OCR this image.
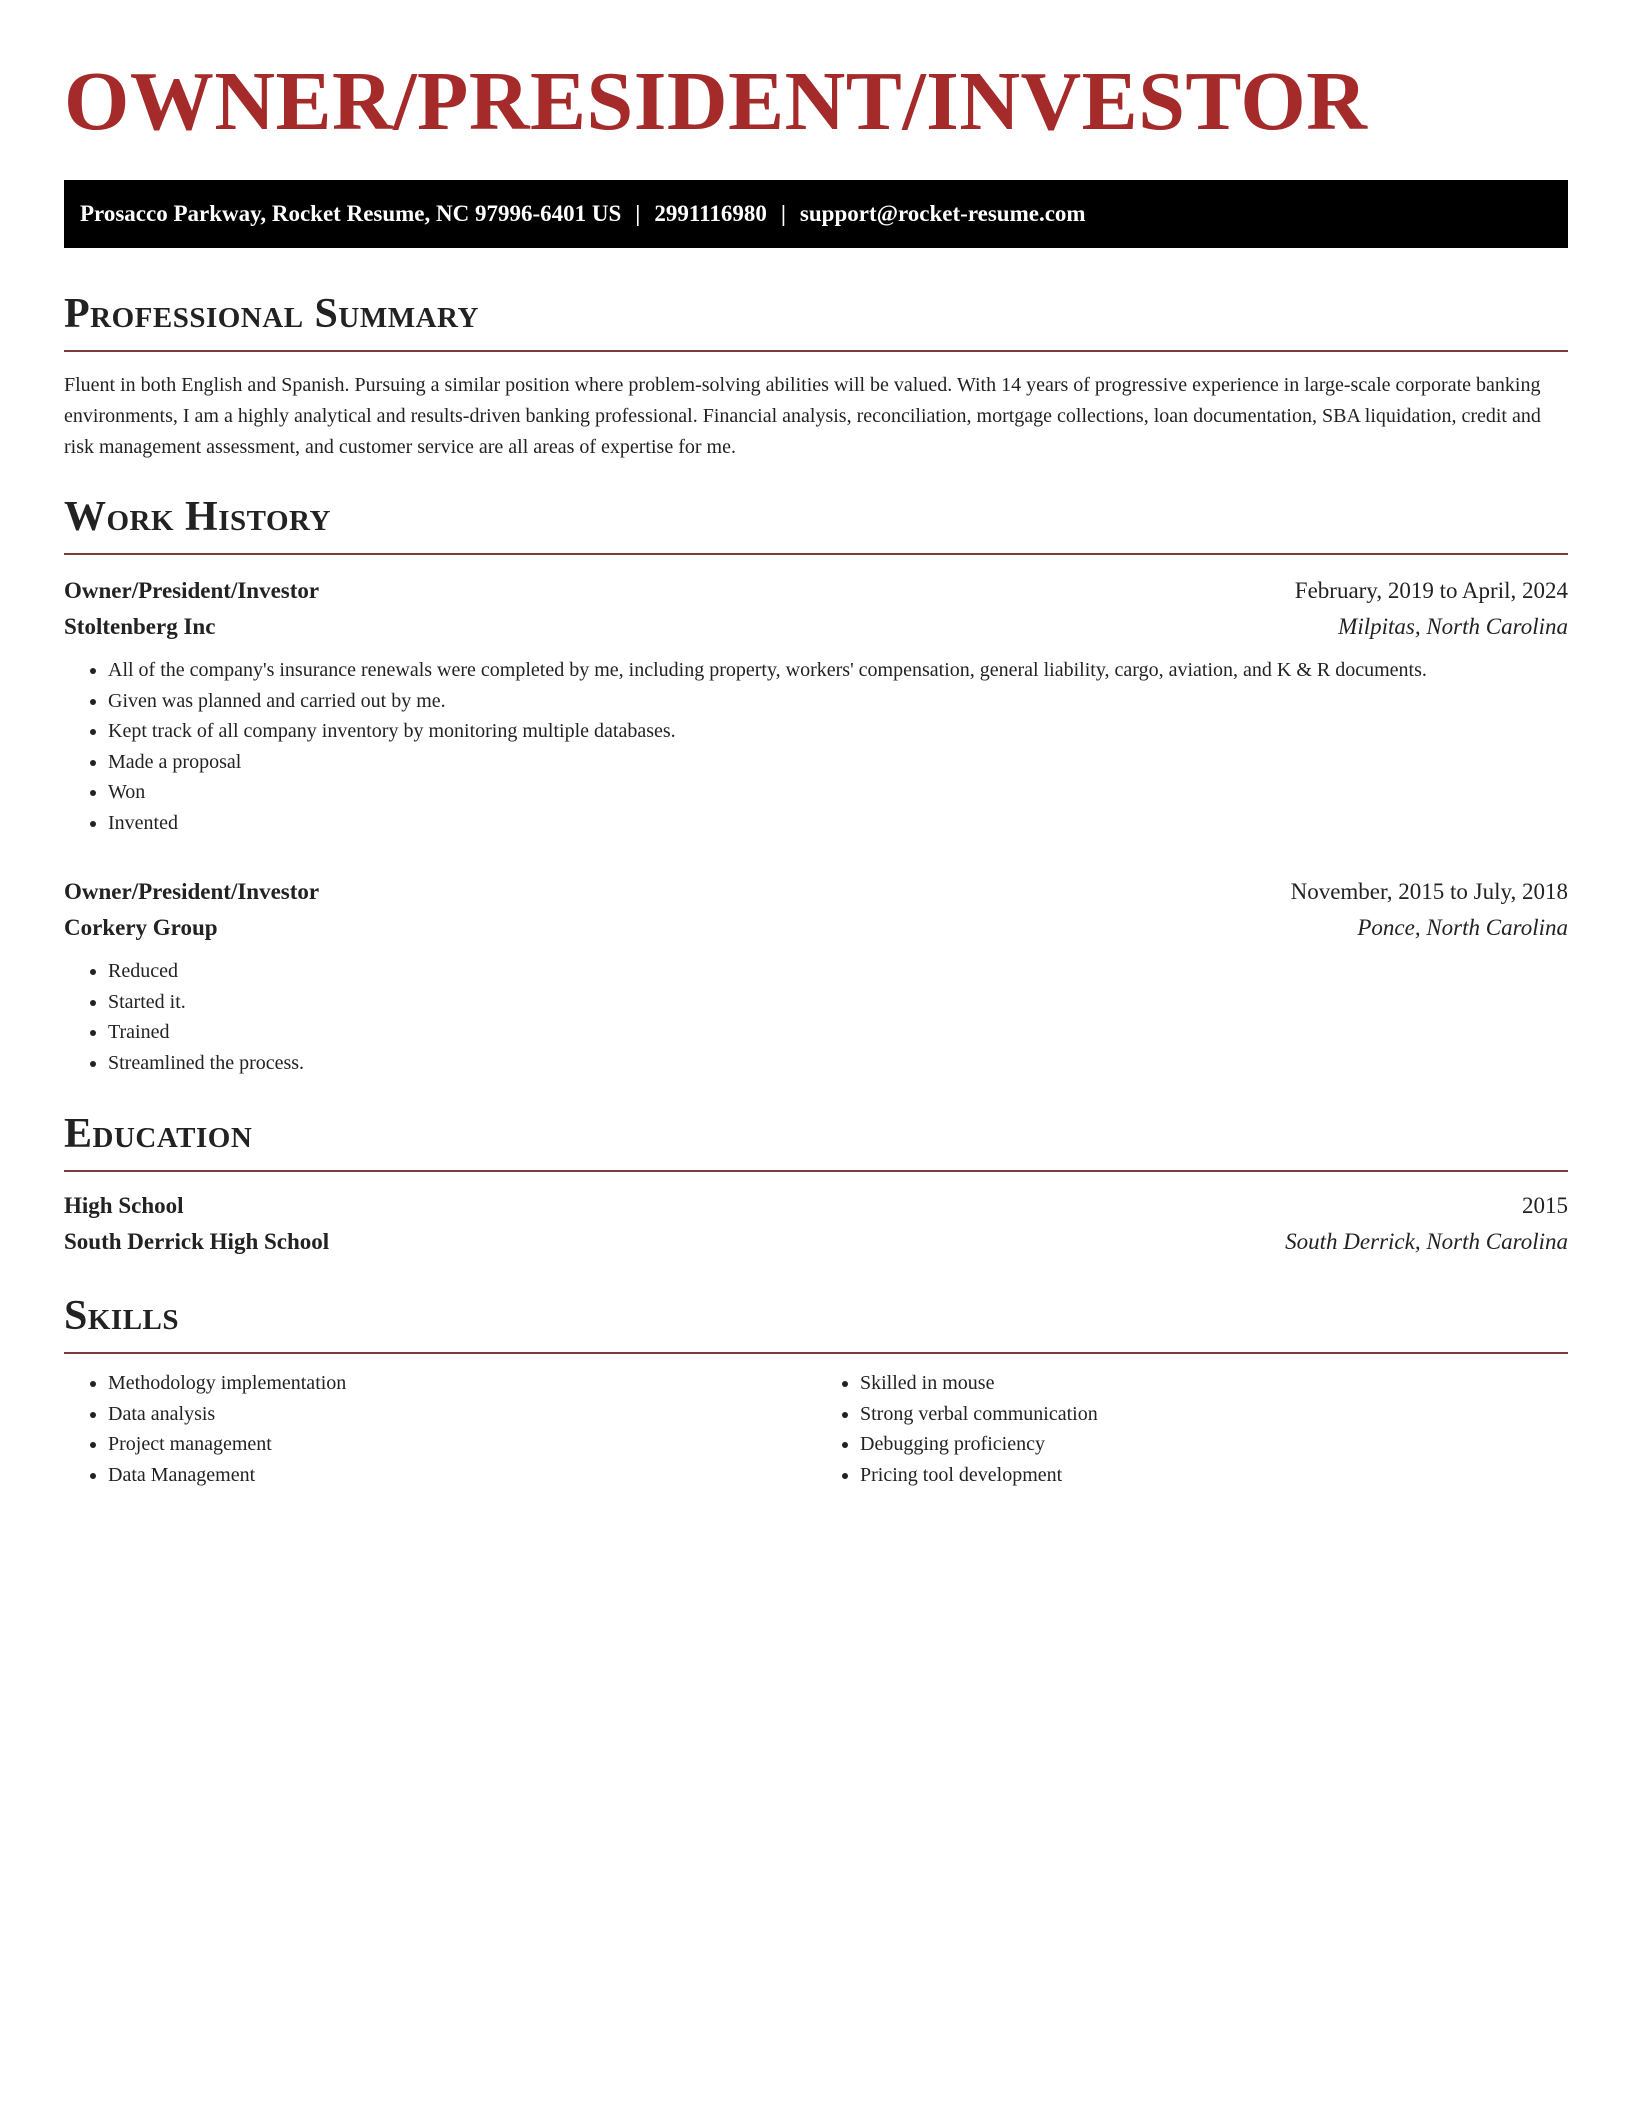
OWNER/PRESIDENT/INVESTOR
Prosacco Parkway, Rocket Resume, NC 97996-6401 US | 2991116980 | support@rocket-resume.com
Professional Summary

Fluent in both English and Spanish. Pursuing a similar position where problem-solving abilities will be valued. With 14 years of progressive experience in large-scale corporate banking environments, I am a highly analytical and results-driven banking professional. Financial analysis, reconciliation, mortgage collections, loan documentation, SBA liquidation, credit and risk management assessment, and customer service are all areas of expertise for me.

Work History
Owner/President/Investor	February, 2019 to April, 2024
Stoltenberg Inc	Milpitas, North Carolina
• All of the company's insurance renewals were completed by me, including property, workers' compensation, general liability, cargo, aviation, and K & R documents.
• Given was planned and carried out by me.
• Kept track of all company inventory by monitoring multiple databases.
• Made a proposal
• Won
• Invented
Owner/President/Investor	November, 2015 to July, 2018
Corkery Group	Ponce, North Carolina
• Reduced
• Started it.
• Trained
• Streamlined the process.
Education
High School	2015
South Derrick High School	South Derrick, North Carolina
Skills
• Methodology implementation
• Data analysis
• Project management
• Data Management
• Skilled in mouse
• Strong verbal communication
• Debugging proficiency
• Pricing tool development
